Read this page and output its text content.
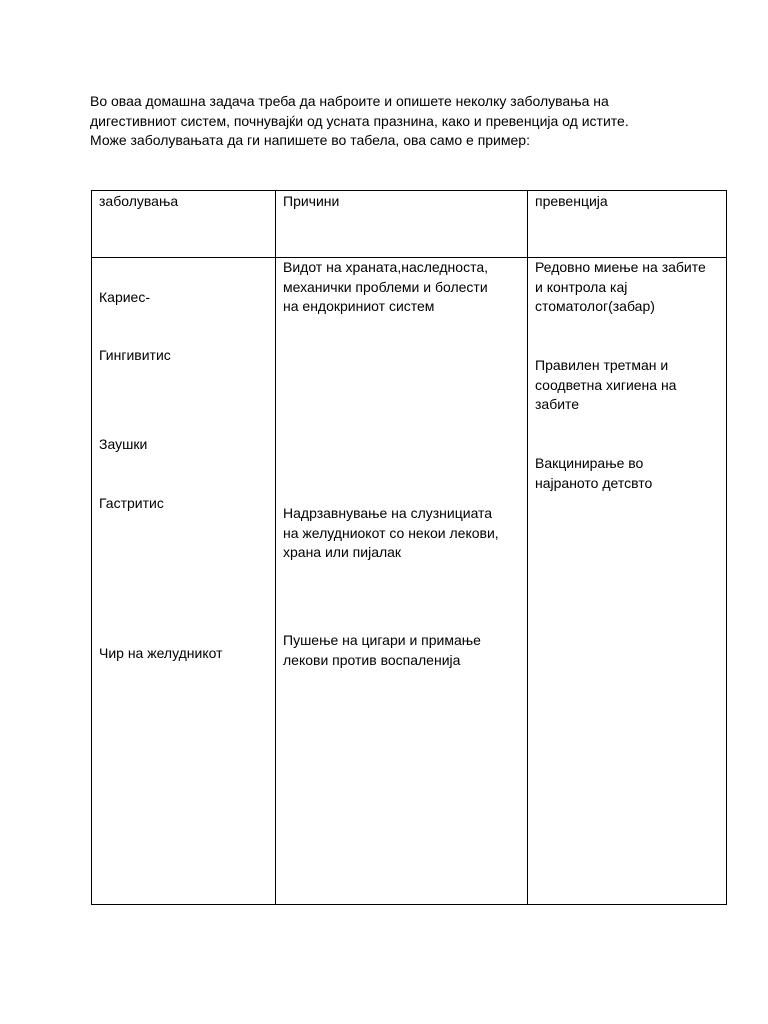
Во оваа домашна задача треба да наброите и опишете неколку заболувања на

дигестивниот систем, почнувајќи од усната празнина, како и превенција од истите.

Може заболувањата да ги напишете во табела, ова само е пример:

заболувања	Причини	превенција
Кариес-
Гингивитис
Заушки
Гастритис
Чир на желудникот
Видот на храната,наследноста,
механички проблеми и болести
на ендокриниот систем
Надрзавнување на слузнициата
на желудниокот со некои лекови,
храна или пијалак
Пушење на цигари и примање
лекови против воспаленија
Редовно миење на забите
и контрола кај
стоматолог(забар)
Правилен третман и
соодветна хигиена на
забите
Вакцинирање во
најраното детсвто
